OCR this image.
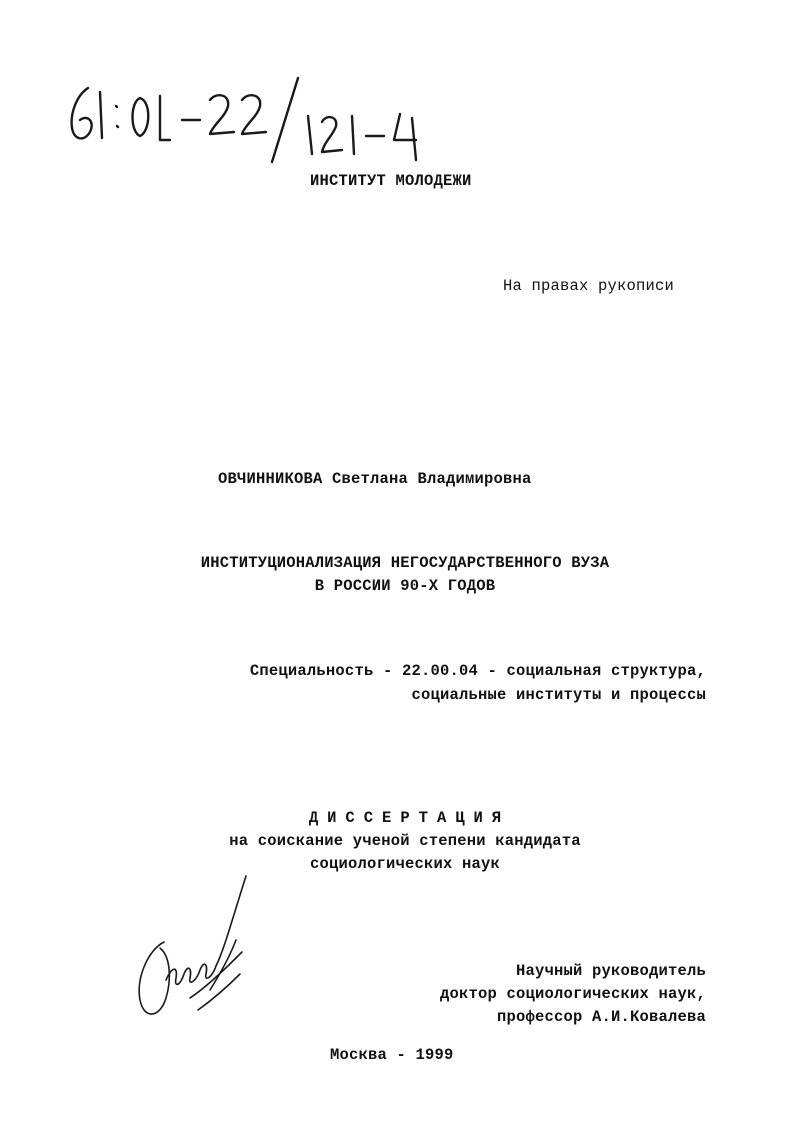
ИНСТИТУТ МОЛОДЕЖИ
На правах рукописи
ОВЧИННИКОВА Светлана Владимировна
ИНСТИТУЦИОНАЛИЗАЦИЯ НЕГОСУДАРСТВЕННОГО ВУЗА
В РОССИИ 90-Х ГОДОВ
Специальность - 22.00.04 - социальная структура,
социальные институты и процессы
ДИССЕРТАЦИЯ
на соискание ученой степени кандидата
социологических наук
Научный руководитель
доктор социологических наук,
профессор А.И.Ковалева
Москва - 1999
